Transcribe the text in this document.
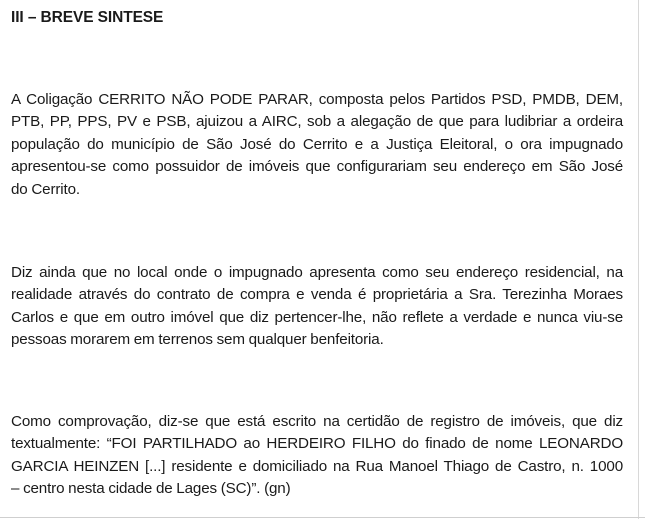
III – BREVE SINTESE

A Coligação CERRITO NÃO PODE PARAR, composta pelos Partidos PSD, PMDB, DEM,
PTB, PP, PPS, PV e PSB, ajuizou a AIRC, sob a alegação de que para ludibriar a ordeira
população do município de São José do Cerrito e a Justiça Eleitoral, o ora impugnado
apresentou-se como possuidor de imóveis que configurariam seu endereço em São José
do Cerrito.

Diz ainda que no local onde o impugnado apresenta como seu endereço residencial, na
realidade através do contrato de compra e venda é proprietária a Sra. Terezinha Moraes
Carlos e que em outro imóvel que diz pertencer-lhe, não reflete a verdade e nunca viu-se
pessoas morarem em terrenos sem qualquer benfeitoria.

Como comprovação, diz-se que está escrito na certidão de registro de imóveis, que diz
textualmente: “FOI PARTILHADO ao HERDEIRO FILHO do finado de nome LEONARDO
GARCIA HEINZEN [...] residente e domiciliado na Rua Manoel Thiago de Castro, n. 1000
– centro nesta cidade de Lages (SC)”. (gn)
